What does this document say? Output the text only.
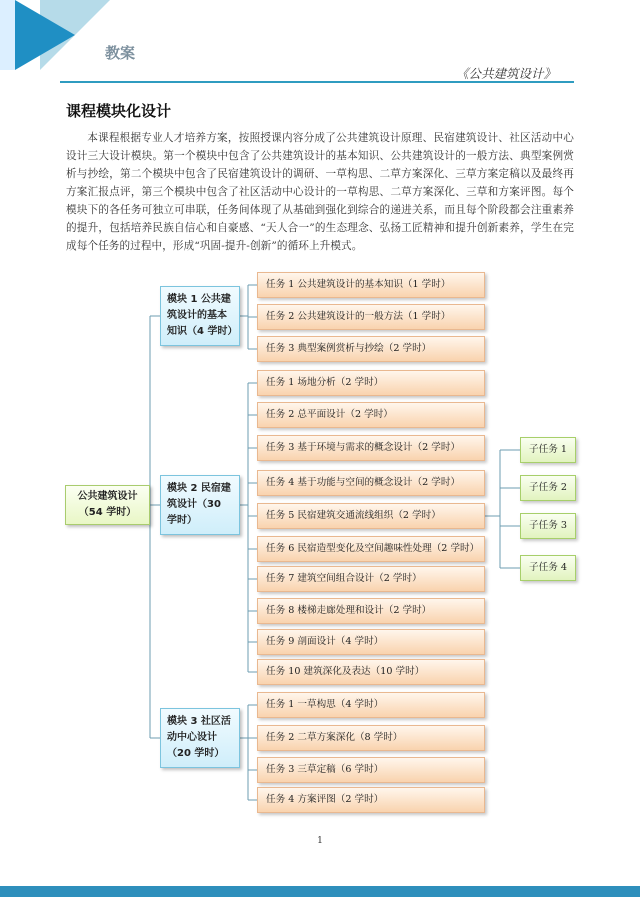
教案
《公共建筑设计》
课程模块化设计

本课程根据专业人才培养方案，按照授课内容分成了公共建筑设计原理、民宿建筑设计、社区活动中心设计三大设计模块。第一个模块中包含了公共建筑设计的基本知识、公共建筑设计的一般方法、典型案例赏析与抄绘，第二个模块中包含了民宿建筑设计的调研、一草构思、二草方案深化、三草方案定稿以及最终再方案汇报点评，第三个模块中包含了社区活动中心设计的一草构思、二草方案深化、三草和方案评图。每个模块下的各任务可独立可串联，任务间体现了从基础到强化到综合的递进关系，而且每个阶段都会注重素养的提升，包括培养民族自信心和自豪感、“天人合一”的生态理念、弘扬工匠精神和提升创新素养，学生在完成每个任务的过程中，形成“巩固-提升-创新”的循环上升模式。

公共建筑设计
（54 学时）
模块 1 公共建筑设计的基本知识（4 学时）
模块 2 民宿建筑设计（30 学时）
模块 3 社区活动中心设计（20 学时）
任务 1 公共建筑设计的基本知识（1 学时）
任务 2 公共建筑设计的一般方法（1 学时）
任务 3 典型案例赏析与抄绘（2 学时）
任务 1 场地分析（2 学时）
任务 2 总平面设计（2 学时）
任务 3 基于环境与需求的概念设计（2 学时）
任务 4 基于功能与空间的概念设计（2 学时）
任务 5 民宿建筑交通流线组织（2 学时）
任务 6 民宿造型变化及空间趣味性处理（2 学时）
任务 7 建筑空间组合设计（2 学时）
任务 8 楼梯走廊处理和设计（2 学时）
任务 9 剖面设计（4 学时）
任务 10 建筑深化及表达（10 学时）
任务 1 一草构思（4 学时）
任务 2 二草方案深化（8 学时）
任务 3 三草定稿（6 学时）
任务 4 方案评图（2 学时）
子任务 1
子任务 2
子任务 3
子任务 4
1
